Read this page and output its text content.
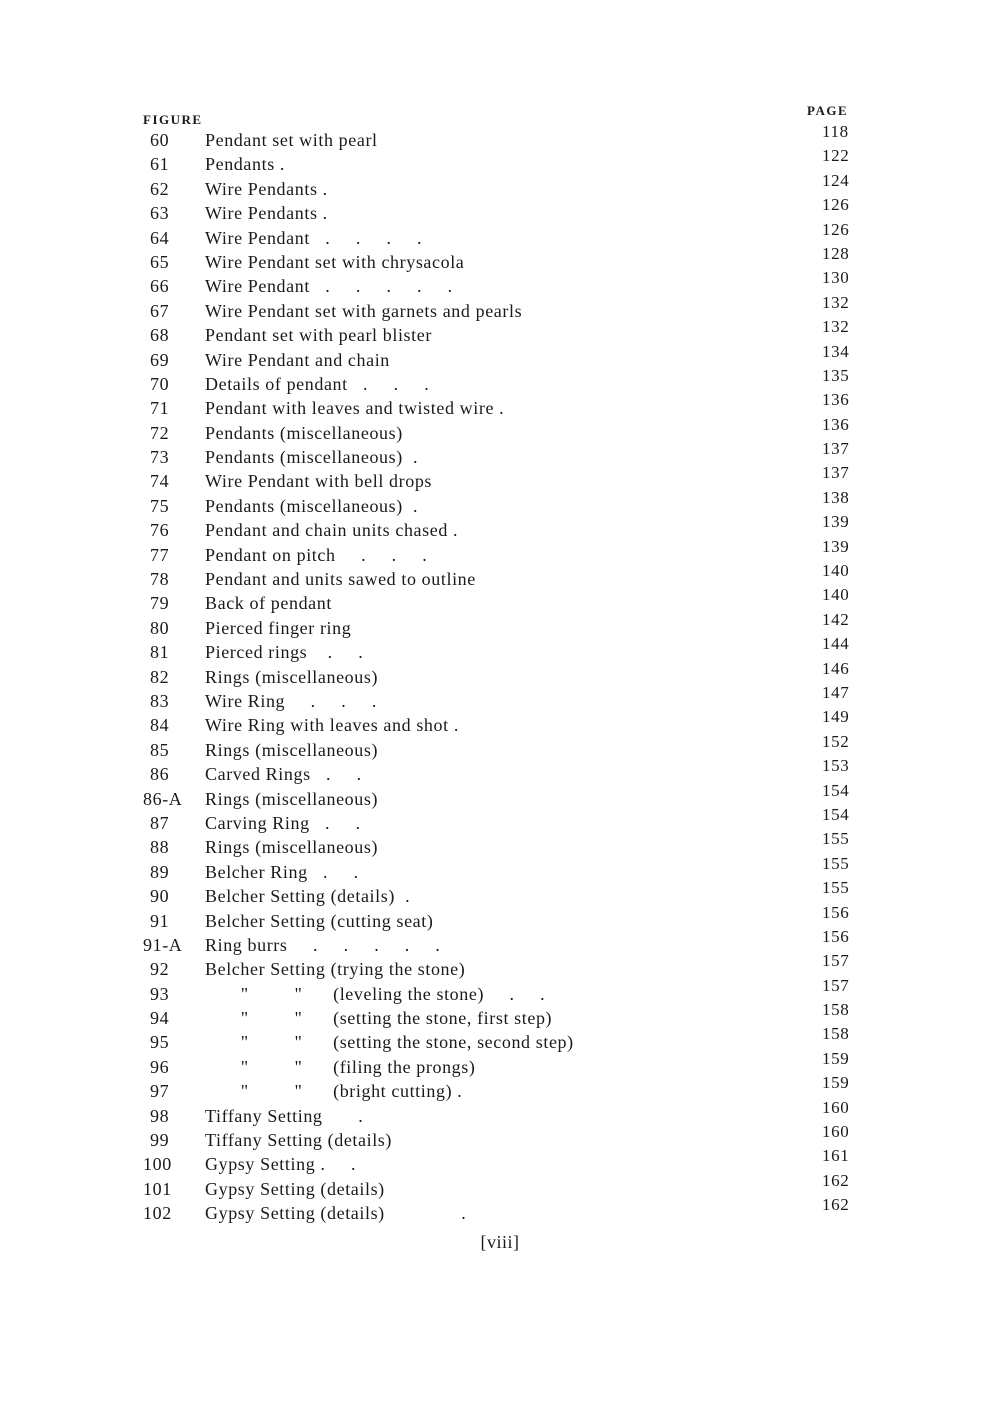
FIGURE
PAGE
60 Pendant set with pearl	118
61 Pendants .	122
62 Wire Pendants .	124
63 Wire Pendants .	126
64 Wire Pendant   .     .     .     .	126
65 Wire Pendant set with chrysacola	128
66 Wire Pendant   .     .     .     .     .	130
67 Wire Pendant set with garnets and pearls	132
68 Pendant set with pearl blister	132
69 Wire Pendant and chain	134
70 Details of pendant   .     .     .	135
71 Pendant with leaves and twisted wire .	136
72 Pendants (miscellaneous)	136
73 Pendants (miscellaneous)  .	137
74 Wire Pendant with bell drops	137
75 Pendants (miscellaneous)  .	138
76 Pendant and chain units chased .	139
77 Pendant on pitch     .     .     .	139
78 Pendant and units sawed to outline	140
79 Back of pendant	140
80 Pierced finger ring	142
81 Pierced rings    .     .	144
82 Rings (miscellaneous)	146
83 Wire Ring     .     .     .	147
84 Wire Ring with leaves and shot .	149
85 Rings (miscellaneous)	152
86 Carved Rings   .     .	153
86-A Rings (miscellaneous)	154
87 Carving Ring   .     .	154
88 Rings (miscellaneous)	155
89 Belcher Ring   .     .	155
90 Belcher Setting (details)  .	155
91 Belcher Setting (cutting seat)	156
91-A Ring burrs     .     .     .     .     .	156
92 Belcher Setting (trying the stone)	157
93 "         "      (leveling the stone)     .     .	157
94 "         "      (setting the stone, first step)	158
95 "         "      (setting the stone, second step)	158
96 "         "      (filing the prongs)	159
97 "         "      (bright cutting) .	159
98 Tiffany Setting       .	160
99 Tiffany Setting (details)	160
100 Gypsy Setting .     .	161
101 Gypsy Setting (details)	162
102 Gypsy Setting (details)               .	162
[viii]
